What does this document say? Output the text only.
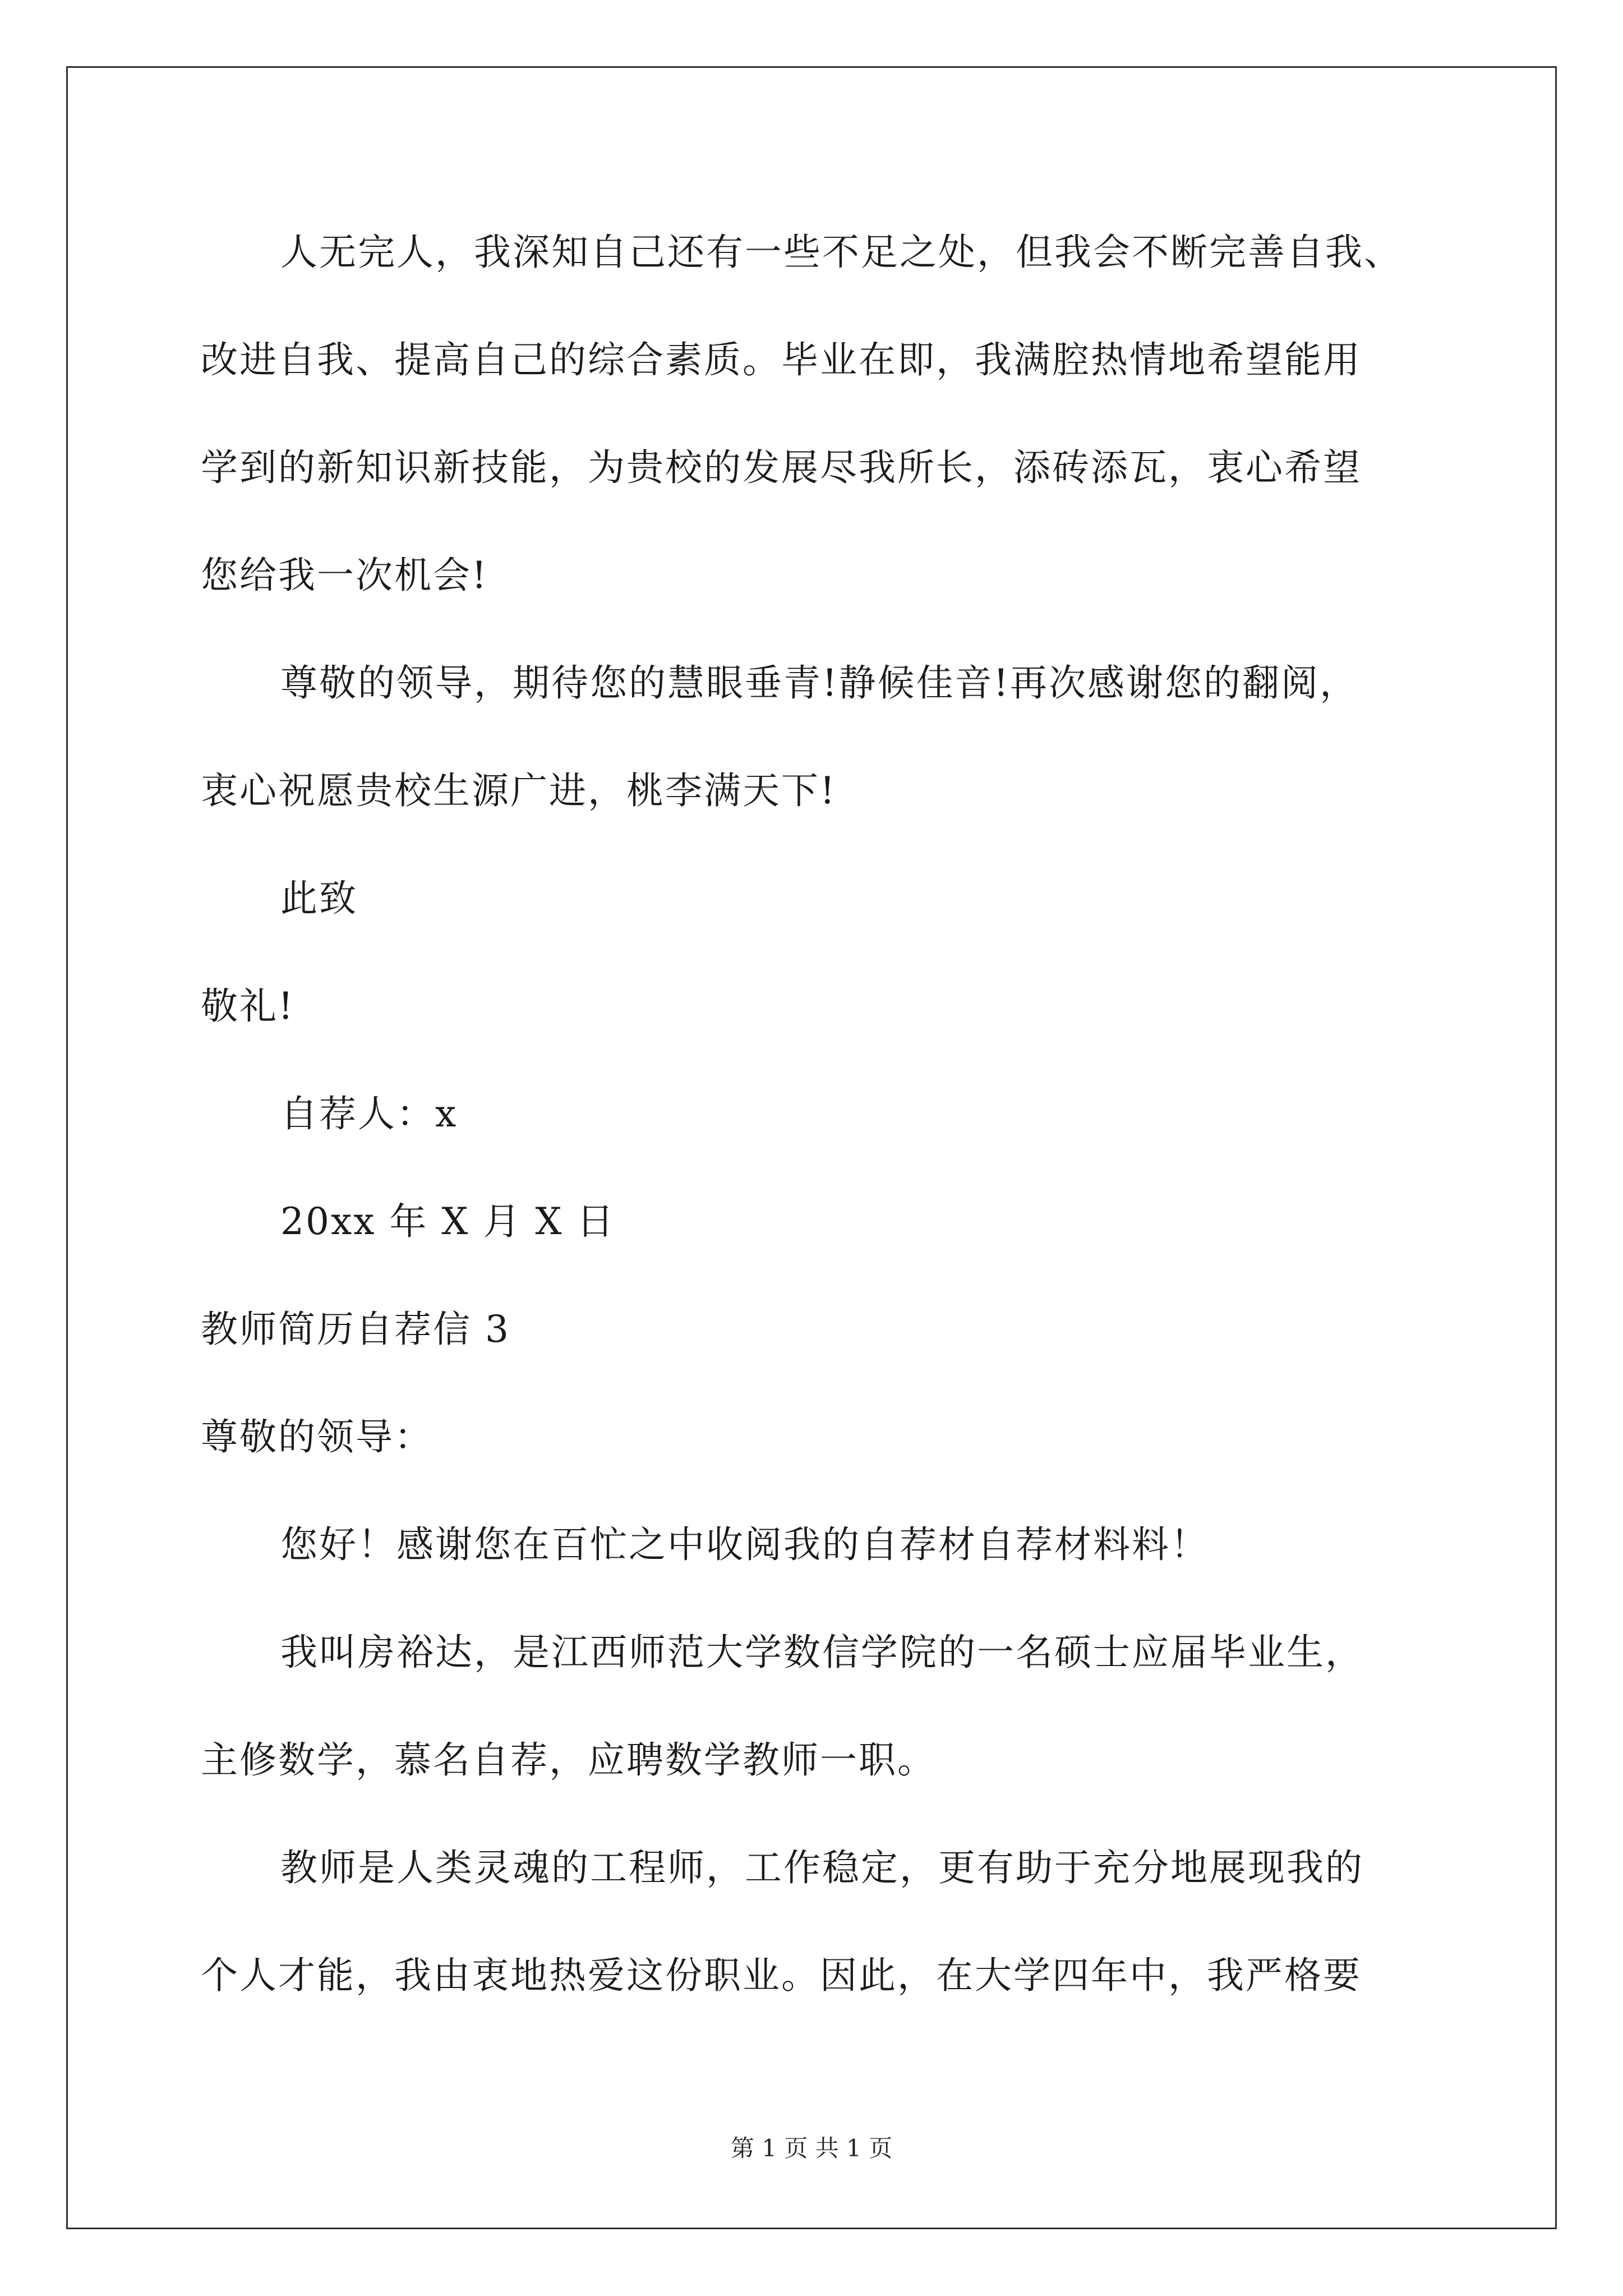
人无完人，我深知自己还有一些不足之处，但我会不断完善自我、
改进自我、提高自己的综合素质。毕业在即，我满腔热情地希望能用
学到的新知识新技能，为贵校的发展尽我所长，添砖添瓦，衷心希望
您给我一次机会!
尊敬的领导，期待您的慧眼垂青!静候佳音!再次感谢您的翻阅，
衷心祝愿贵校生源广进，桃李满天下!
此致
敬礼!
自荐人：x
20xx 年 X 月 X 日
教师简历自荐信 3
尊敬的领导：
您好！感谢您在百忙之中收阅我的自荐材自荐材料料！
我叫房裕达，是江西师范大学数信学院的一名硕士应届毕业生，
主修数学，慕名自荐，应聘数学教师一职。
教师是人类灵魂的工程师，工作稳定，更有助于充分地展现我的
个人才能，我由衷地热爱这份职业。因此，在大学四年中，我严格要
第 1 页 共 1 页
